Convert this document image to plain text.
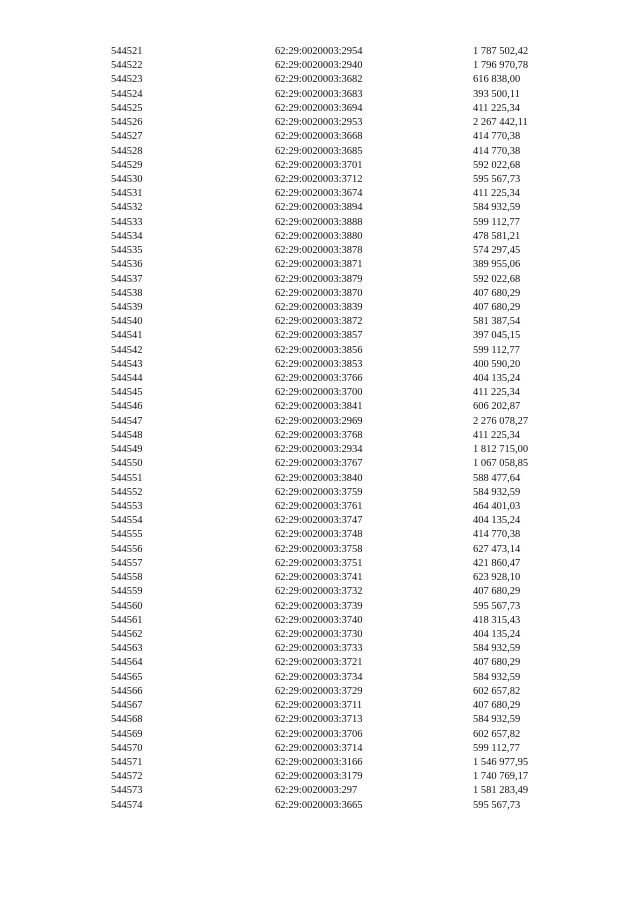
544521	62:29:0020003:2954	1 787 502,42
544522	62:29:0020003:2940	1 796 970,78
544523	62:29:0020003:3682	616 838,00
544524	62:29:0020003:3683	393 500,11
544525	62:29:0020003:3694	411 225,34
544526	62:29:0020003:2953	2 267 442,11
544527	62:29:0020003:3668	414 770,38
544528	62:29:0020003:3685	414 770,38
544529	62:29:0020003:3701	592 022,68
544530	62:29:0020003:3712	595 567,73
544531	62:29:0020003:3674	411 225,34
544532	62:29:0020003:3894	584 932,59
544533	62:29:0020003:3888	599 112,77
544534	62:29:0020003:3880	478 581,21
544535	62:29:0020003:3878	574 297,45
544536	62:29:0020003:3871	389 955,06
544537	62:29:0020003:3879	592 022,68
544538	62:29:0020003:3870	407 680,29
544539	62:29:0020003:3839	407 680,29
544540	62:29:0020003:3872	581 387,54
544541	62:29:0020003:3857	397 045,15
544542	62:29:0020003:3856	599 112,77
544543	62:29:0020003:3853	400 590,20
544544	62:29:0020003:3766	404 135,24
544545	62:29:0020003:3700	411 225,34
544546	62:29:0020003:3841	606 202,87
544547	62:29:0020003:2969	2 276 078,27
544548	62:29:0020003:3768	411 225,34
544549	62:29:0020003:2934	1 812 715,00
544550	62:29:0020003:3767	1 067 058,85
544551	62:29:0020003:3840	588 477,64
544552	62:29:0020003:3759	584 932,59
544553	62:29:0020003:3761	464 401,03
544554	62:29:0020003:3747	404 135,24
544555	62:29:0020003:3748	414 770,38
544556	62:29:0020003:3758	627 473,14
544557	62:29:0020003:3751	421 860,47
544558	62:29:0020003:3741	623 928,10
544559	62:29:0020003:3732	407 680,29
544560	62:29:0020003:3739	595 567,73
544561	62:29:0020003:3740	418 315,43
544562	62:29:0020003:3730	404 135,24
544563	62:29:0020003:3733	584 932,59
544564	62:29:0020003:3721	407 680,29
544565	62:29:0020003:3734	584 932,59
544566	62:29:0020003:3729	602 657,82
544567	62:29:0020003:3711	407 680,29
544568	62:29:0020003:3713	584 932,59
544569	62:29:0020003:3706	602 657,82
544570	62:29:0020003:3714	599 112,77
544571	62:29:0020003:3166	1 546 977,95
544572	62:29:0020003:3179	1 740 769,17
544573	62:29:0020003:297	1 581 283,49
544574	62:29:0020003:3665	595 567,73
